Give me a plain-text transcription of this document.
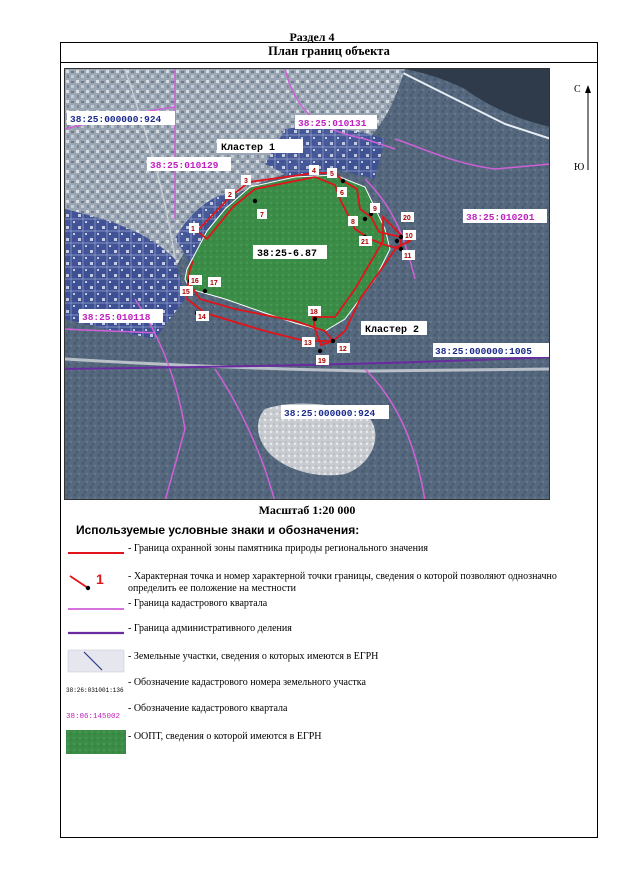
Раздел 4
План границ объекта
1
2
3
4 5
6
7
8
9
10
11
12
13
14
15
16 17
18
19
20
21
38:25-6.87
Кластер 1
Кластер 2
38:25:000000:924	38:25:010131
38:25:010129
38:25:010201
38:25:010118
38:25:000000:1005
38:25:000000:924
С
Ю
Масштаб 1:20 000
Используемые условные знаки и обозначения:
- Граница охранной зоны памятника природы регионального значения
1 - Характерная точка и номер характерной точки границы, сведения о которой позволяют однозначно определить ее положение на местности
- Граница кадастрового квартала
- Граница административного деления
- Земельные участки, сведения о которых имеются в ЕГРН
38:26:031001:136
- Обозначение кадастрового номера земельного участка
38:06:145002
- Обозначение кадастрового квартала
- ООПТ, сведения о которой имеются в ЕГРН
